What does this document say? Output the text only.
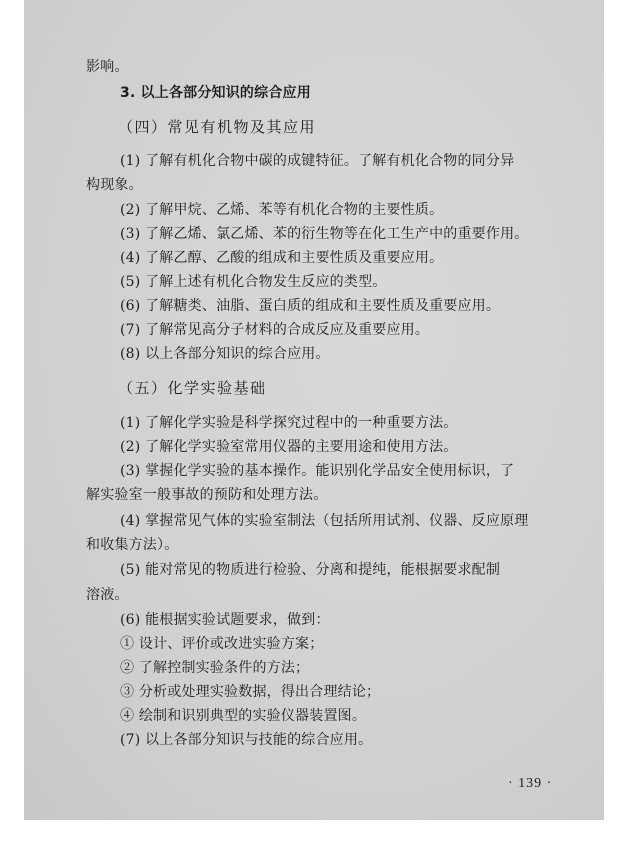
影响。
3. 以上各部分知识的综合应用
（四）常见有机物及其应用
(1) 了解有机化合物中碳的成键特征。了解有机化合物的同分异
构现象。
(2) 了解甲烷、乙烯、苯等有机化合物的主要性质。
(3) 了解乙烯、氯乙烯、苯的衍生物等在化工生产中的重要作用。
(4) 了解乙醇、乙酸的组成和主要性质及重要应用。
(5) 了解上述有机化合物发生反应的类型。
(6) 了解糖类、油脂、蛋白质的组成和主要性质及重要应用。
(7) 了解常见高分子材料的合成反应及重要应用。
(8) 以上各部分知识的综合应用。
（五）化学实验基础
(1) 了解化学实验是科学探究过程中的一种重要方法。
(2) 了解化学实验室常用仪器的主要用途和使用方法。
(3) 掌握化学实验的基本操作。能识别化学品安全使用标识，了
解实验室一般事故的预防和处理方法。
(4) 掌握常见气体的实验室制法（包括所用试剂、仪器、反应原理
和收集方法）。
(5) 能对常见的物质进行检验、分离和提纯，能根据要求配制
溶液。
(6) 能根据实验试题要求，做到：
① 设计、评价或改进实验方案；
② 了解控制实验条件的方法；
③ 分析或处理实验数据，得出合理结论；
④ 绘制和识别典型的实验仪器装置图。
(7) 以上各部分知识与技能的综合应用。
· 139 ·
